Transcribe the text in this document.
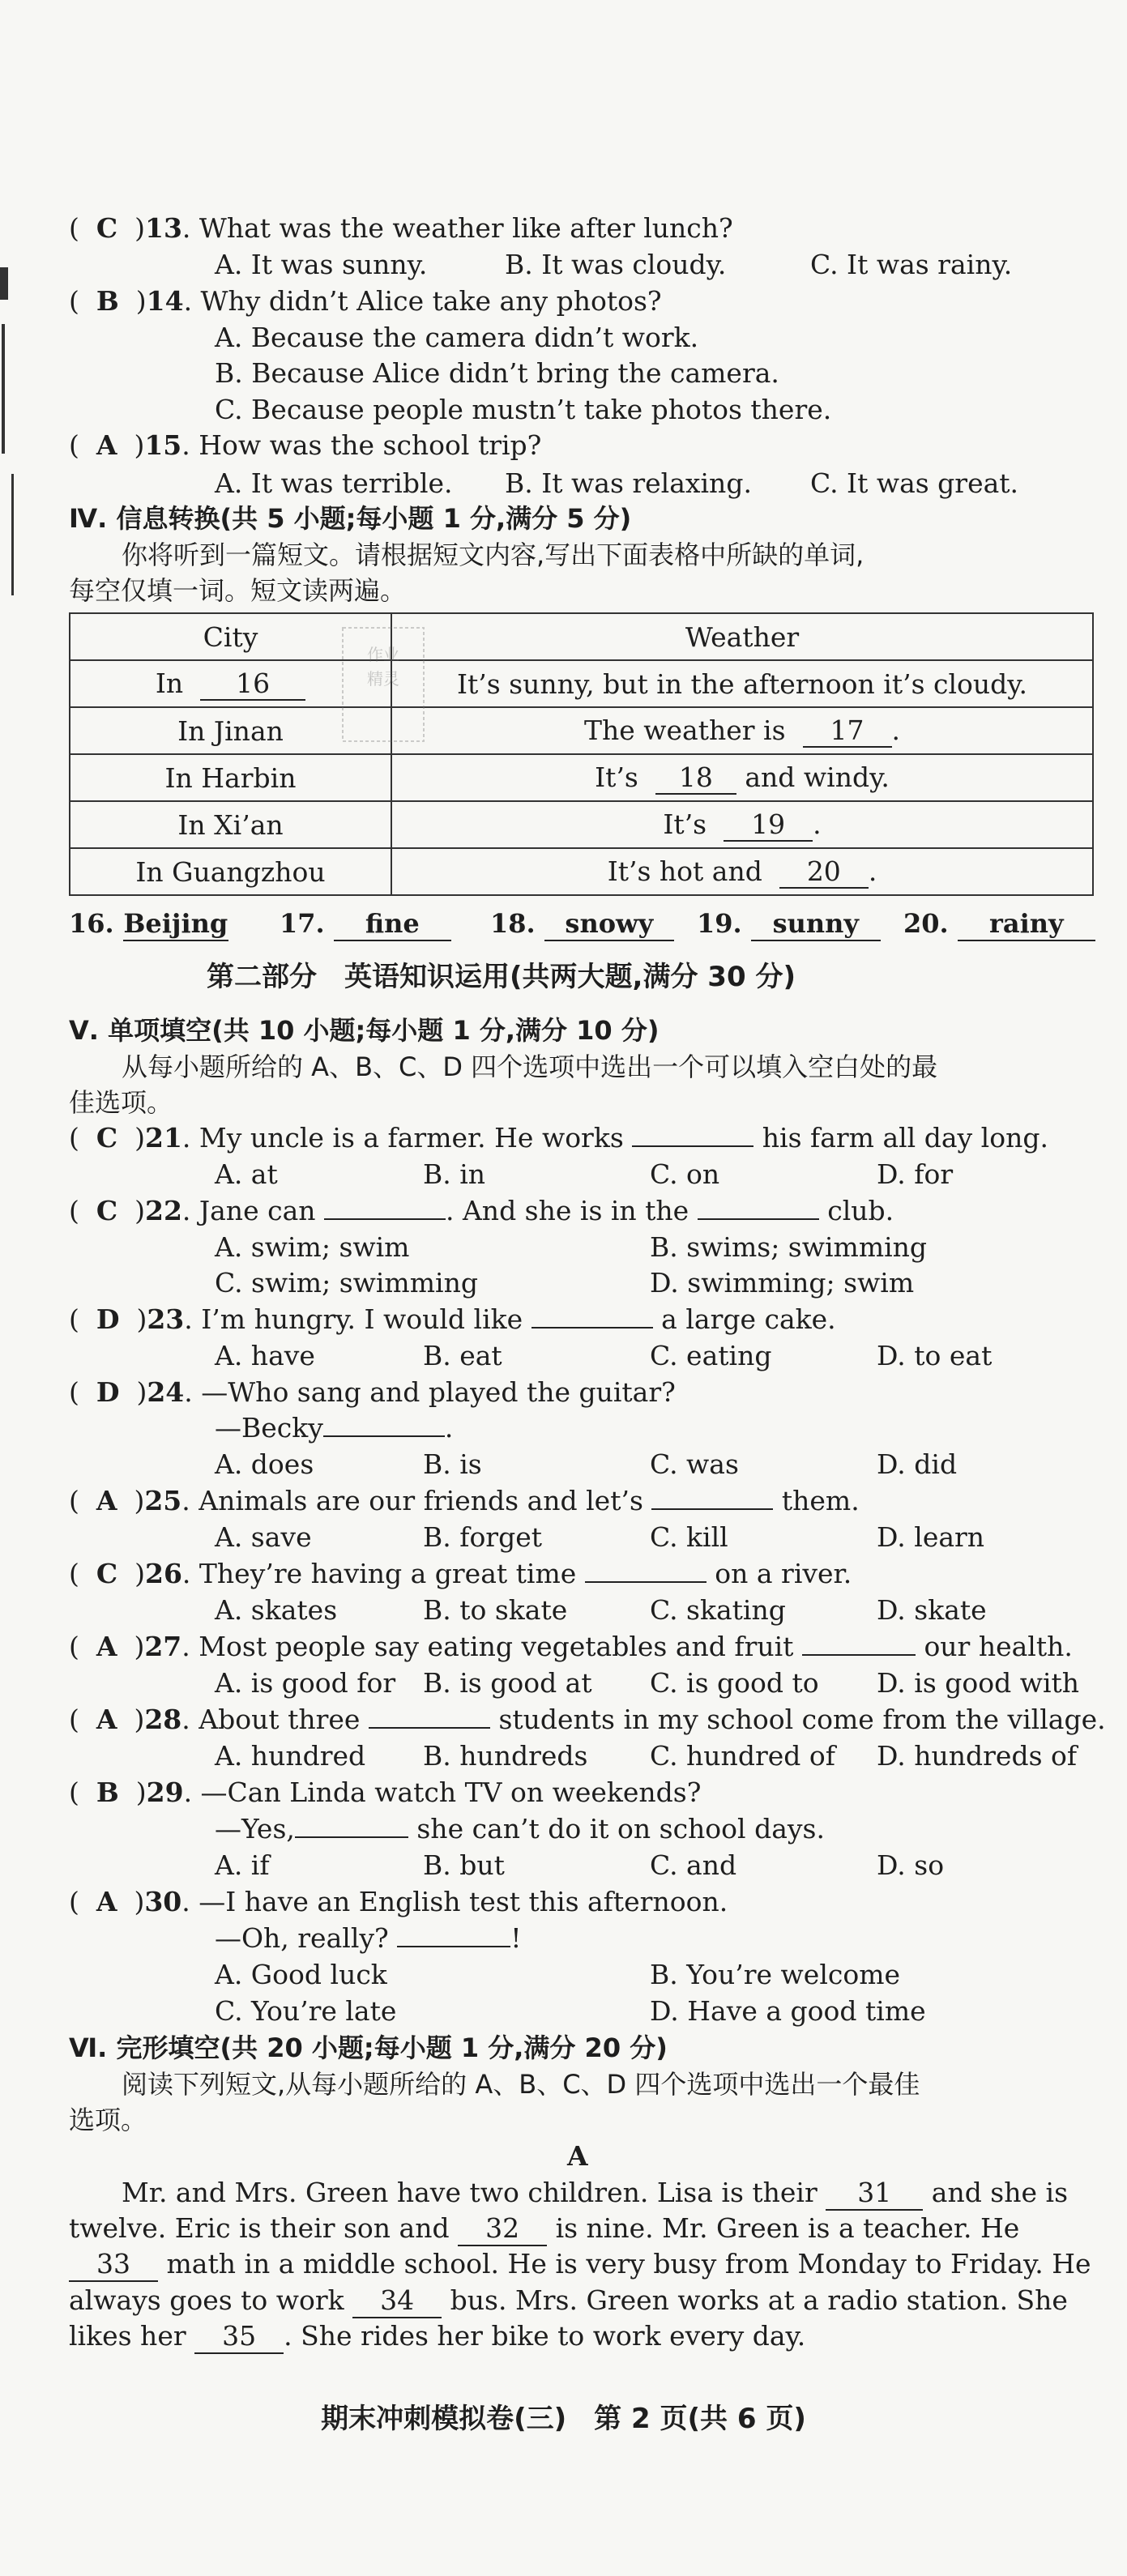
(  C  )13. What was the weather like after lunch?
A. It was sunny.	B. It was cloudy.	C. It was rainy.
(  B  )14. Why didn’t Alice take any photos?
A. Because the camera didn’t work.
B. Because Alice didn’t bring the camera.
C. Because people mustn’t take photos there.
(  A  )15. How was the school trip?
A. It was terrible. B. It was relaxing. C. It was great.
Ⅳ. 信息转换(共 5 小题;每小题 1 分,满分 5 分)
你将听到一篇短文。请根据短文内容,写出下面表格中所缺的单词,
每空仅填一词。短文读两遍。
City	Weather
In 16	It’s sunny, but in the afternoon it’s cloudy.
In Jinan	The weather is 17 .
In Harbin	It’s 18 and windy.
In Xi’an	It’s 19 .
In Guangzhou	It’s hot and 20 .
作业
精灵
16. Beijing 17. fine	18. snowy	19. sunny	20. rainy
第二部分　英语知识运用(共两大题,满分 30 分)
Ⅴ. 单项填空(共 10 小题;每小题 1 分,满分 10 分)
从每小题所给的 A、B、C、D 四个选项中选出一个可以填入空白处的最
佳选项。
(  C  )21. My uncle is a farmer. He works	his farm all day long.
A. at	B. in	C. on	D. for
(  C  )22. Jane can	. And she is in the	club.
A. swim; swim	B. swims; swimming
C. swim; swimming	D. swimming; swim
(  D  )23. I’m hungry. I would like	a large cake.
A. have	B. eat	C. eating	D. to eat
(  D  )24. —Who sang and played the guitar?
—Becky	.
A. does	B. is	C. was	D. did
(  A  )25. Animals are our friends and let’s	them.
A. save	B. forget	C. kill	D. learn
(  C  )26. They’re having a great time	on a river.
A. skates	B. to skate	C. skating	D. skate
(  A  )27. Most people say eating vegetables and fruit	our health.
A. is good for B. is good at C. is good to D. is good with
(  A  )28. About three	students in my school come from the village.
A. hundred B. hundreds C. hundred of D. hundreds of
(  B  )29. —Can Linda watch TV on weekends?
—Yes,	she can’t do it on school days.
A. if	B. but	C. and	D. so
(  A  )30. —I have an English test this afternoon.
—Oh, really?	!
A. Good luck	B. You’re welcome
C. You’re late	D. Have a good time
Ⅵ. 完形填空(共 20 小题;每小题 1 分,满分 20 分)
阅读下列短文,从每小题所给的 A、B、C、D 四个选项中选出一个最佳
选项。
A
Mr. and Mrs. Green have two children. Lisa is their 31 and she is
twelve. Eric is their son and 32 is nine. Mr. Green is a teacher. He
33 math in a middle school. He is very busy from Monday to Friday. He
always goes to work 34 bus. Mrs. Green works at a radio station. She
likes her 35 . She rides her bike to work every day.
期末冲刺模拟卷(三)　第 2 页(共 6 页)
